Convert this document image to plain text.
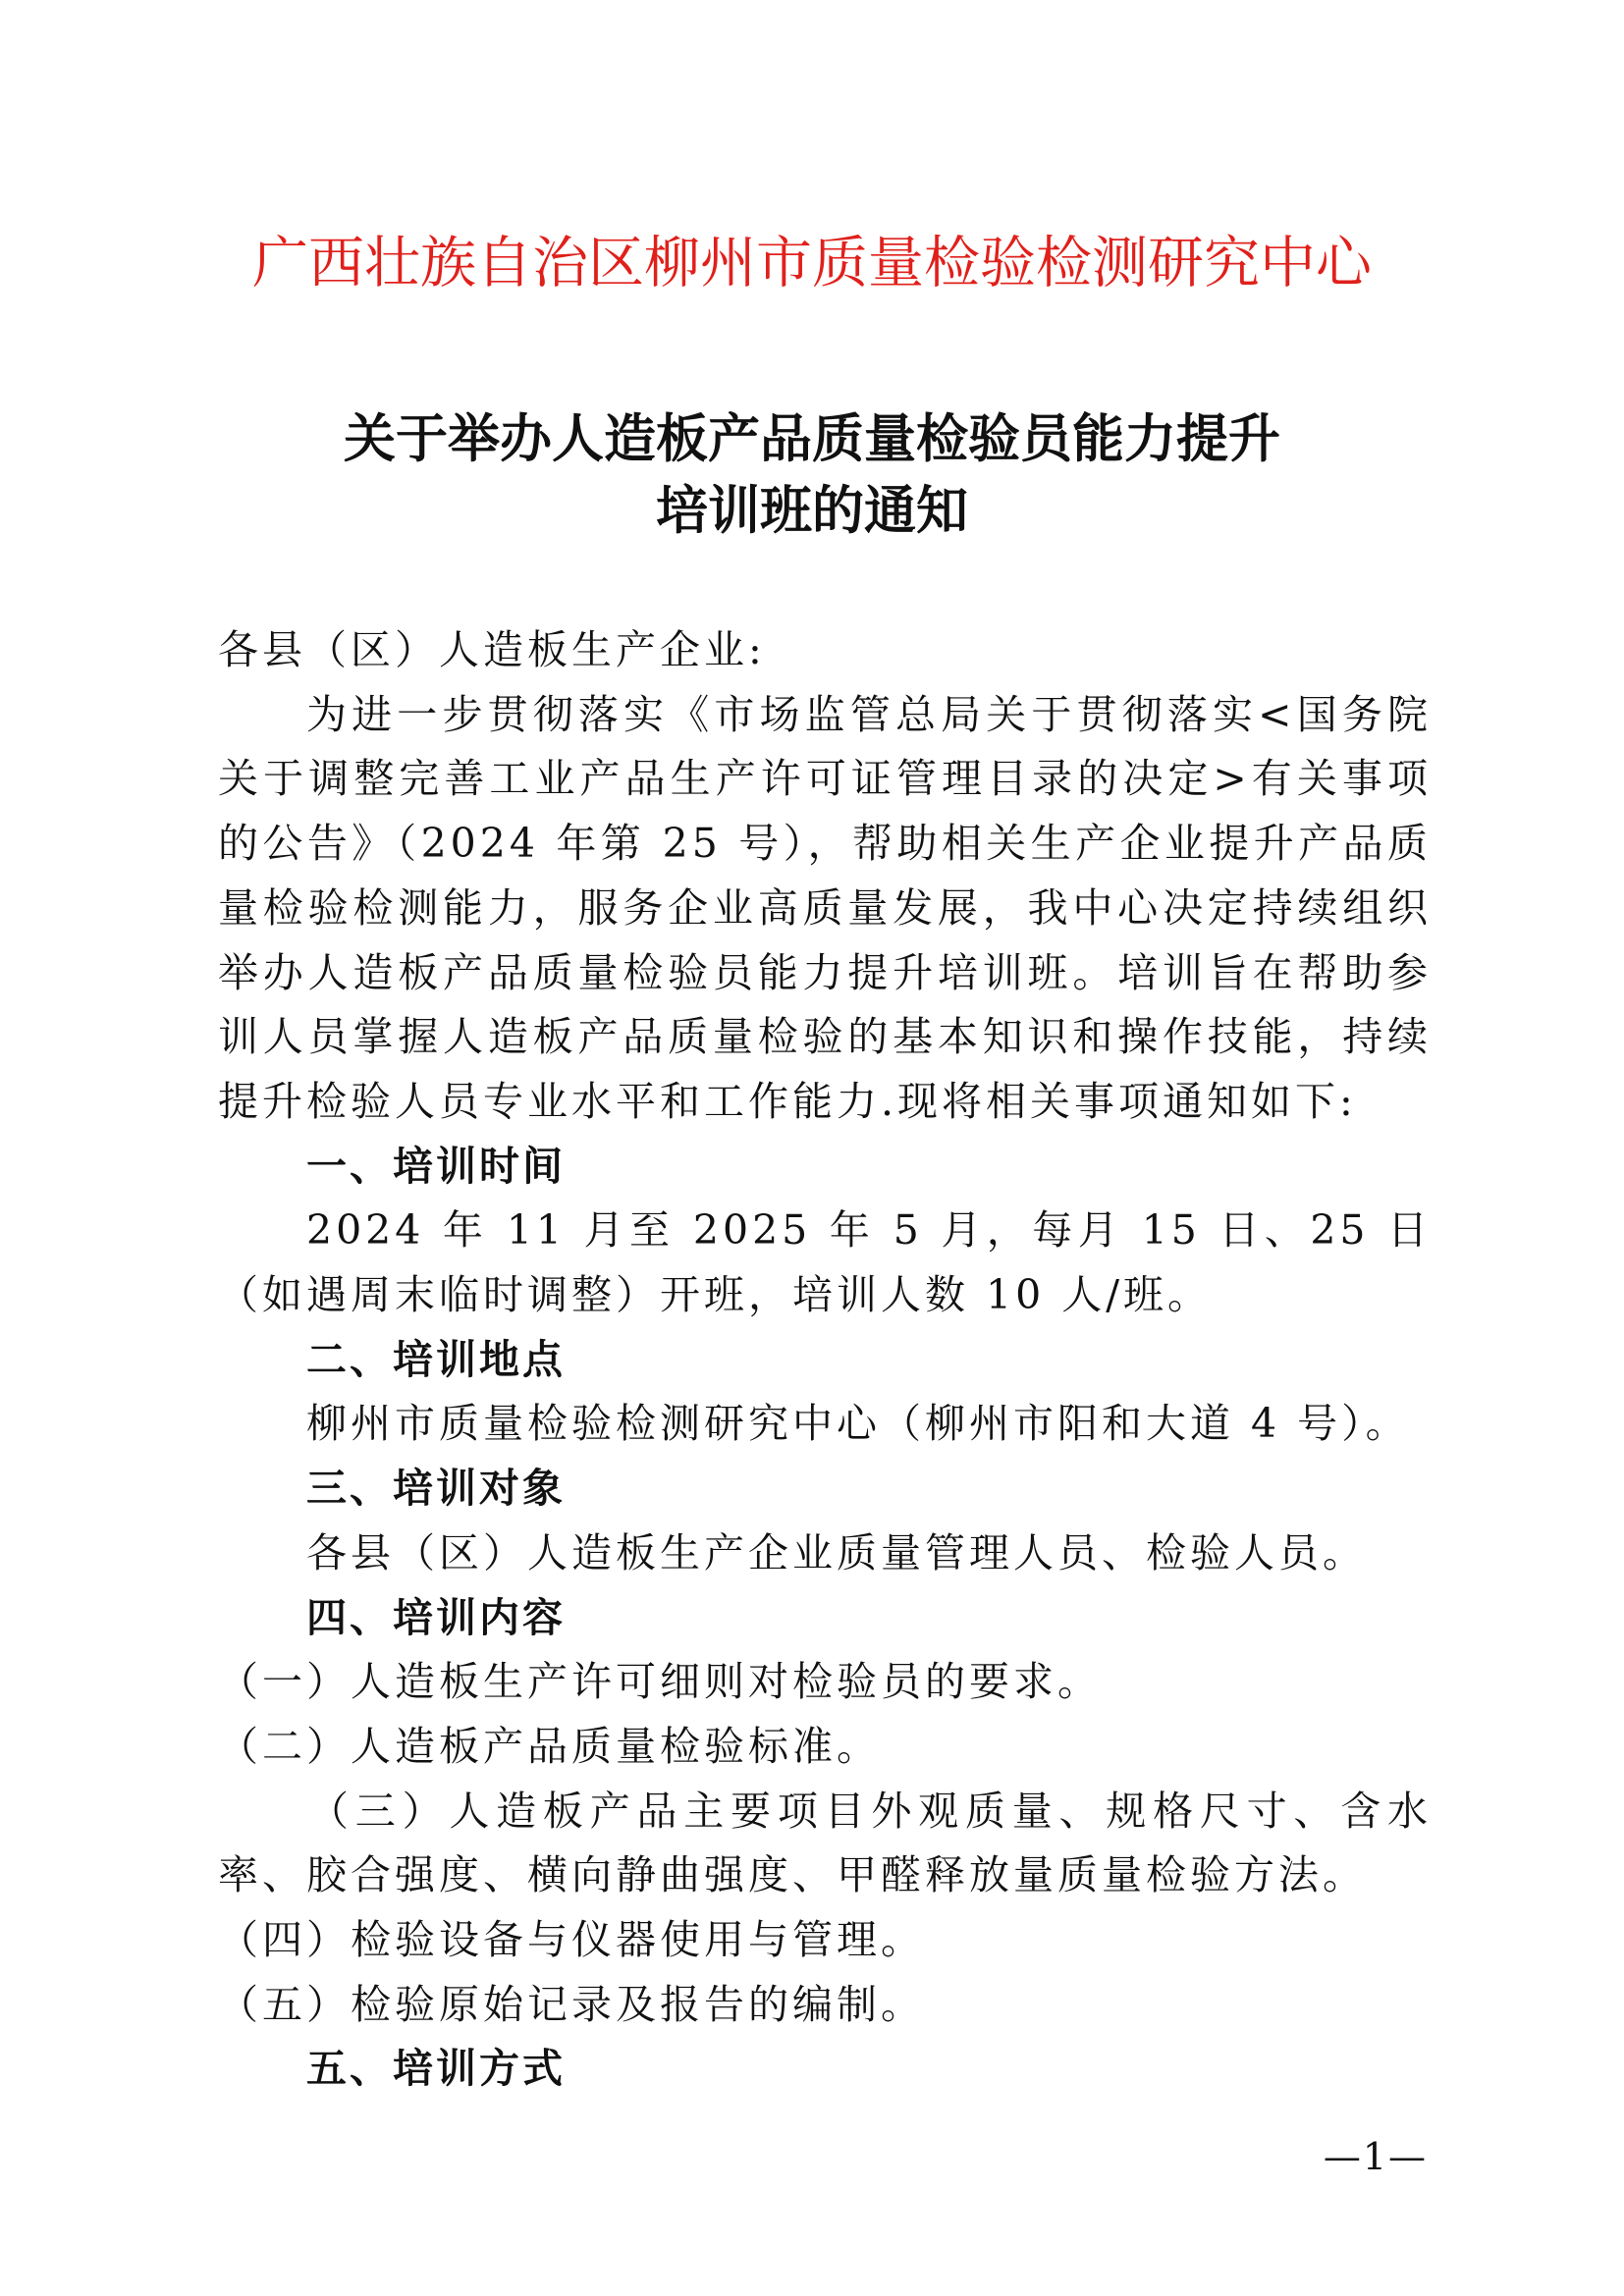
广西壮族自治区柳州市质量检验检测研究中心
关于举办人造板产品质量检验员能力提升
培训班的通知

各县（区）人造板生产企业:

为进一步贯彻落实《市场监管总局关于贯彻落实<国务院关于调整完善工业产品生产许可证管理目录的决定>有关事项的公告》（2024 年第 25 号），帮助相关生产企业提升产品质量检验检测能力，服务企业高质量发展，我中心决定持续组织举办人造板产品质量检验员能力提升培训班。培训旨在帮助参训人员掌握人造板产品质量检验的基本知识和操作技能，持续提升检验人员专业水平和工作能力.现将相关事项通知如下:

一、培训时间

2024 年 11 月至 2025 年 5 月，每月 15 日、25 日（如遇周末临时调整）开班，培训人数 10 人/班。

二、培训地点

柳州市质量检验检测研究中心（柳州市阳和大道 4 号）。

三、培训对象

各县（区）人造板生产企业质量管理人员、检验人员。

四、培训内容

（一）人造板生产许可细则对检验员的要求。

（二）人造板产品质量检验标准。

（三）人造板产品主要项目外观质量、规格尺寸、含水率、胶合强度、横向静曲强度、甲醛释放量质量检验方法。

（四）检验设备与仪器使用与管理。

（五）检验原始记录及报告的编制。

五、培训方式

—1—
